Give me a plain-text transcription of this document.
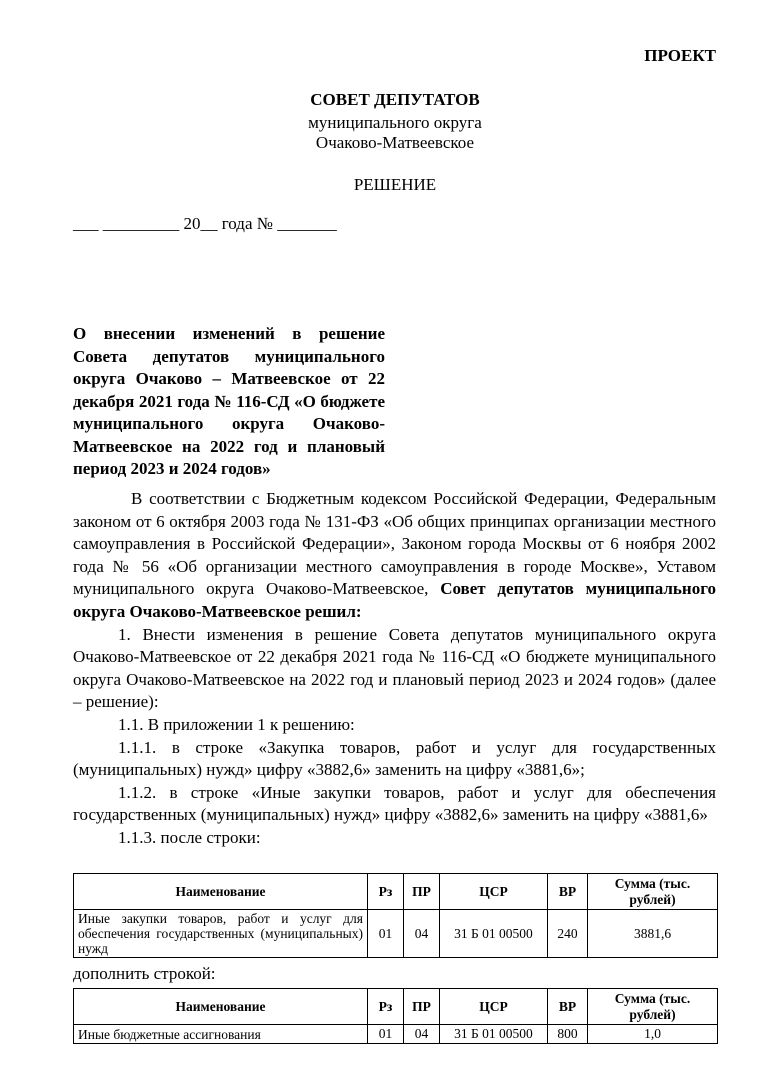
ПРОЕКТ
СОВЕТ ДЕПУТАТОВ
муниципального округа
Очаково-Матвеевское
РЕШЕНИЕ
___ _________ 20__ года № _______
О внесении изменений в решение Совета депутатов муниципального округа Очаково – Матвеевское от 22 декабря 2021 года № 116-СД «О бюджете муниципального округа Очаково-Матвеевское на 2022 год и плановый период 2023 и 2024 годов»

В соответствии с Бюджетным кодексом Российской Федерации, Федеральным законом от 6 октября 2003 года № 131-ФЗ «Об общих принципах организации местного самоуправления в Российской Федерации», Законом города Москвы от 6 ноября 2002 года № 56 «Об организации местного самоуправления в городе Москве», Уставом муниципального округа Очаково-Матвеевское, Совет депутатов муниципального округа Очаково-Матвеевское решил:

1. Внести изменения в решение Совета депутатов муниципального округа Очаково-Матвеевское от 22 декабря 2021 года № 116-СД «О бюджете муниципального округа Очаково-Матвеевское на 2022 год и плановый период 2023 и 2024 годов» (далее – решение):

1.1. В приложении 1 к решению:

1.1.1. в строке «Закупка товаров, работ и услуг для государственных (муниципальных) нужд» цифру «3882,6» заменить на цифру «3881,6»;

1.1.2. в строке «Иные закупки товаров, работ и услуг для обеспечения государственных (муниципальных) нужд» цифру «3882,6» заменить на цифру «3881,6»

1.1.3. после строки:

Наименование	Рз	ПР	ЦСР	ВР	Сумма (тыс. рублей)
Иные закупки товаров, работ и услуг для обеспечения государственных (муниципальных) нужд	01	04	31 Б 01 00500	240	3881,6
дополнить строкой:
Наименование	Рз	ПР	ЦСР	ВР	Сумма (тыс. рублей)
Иные бюджетные ассигнования	01	04	31 Б 01 00500	800	1,0
